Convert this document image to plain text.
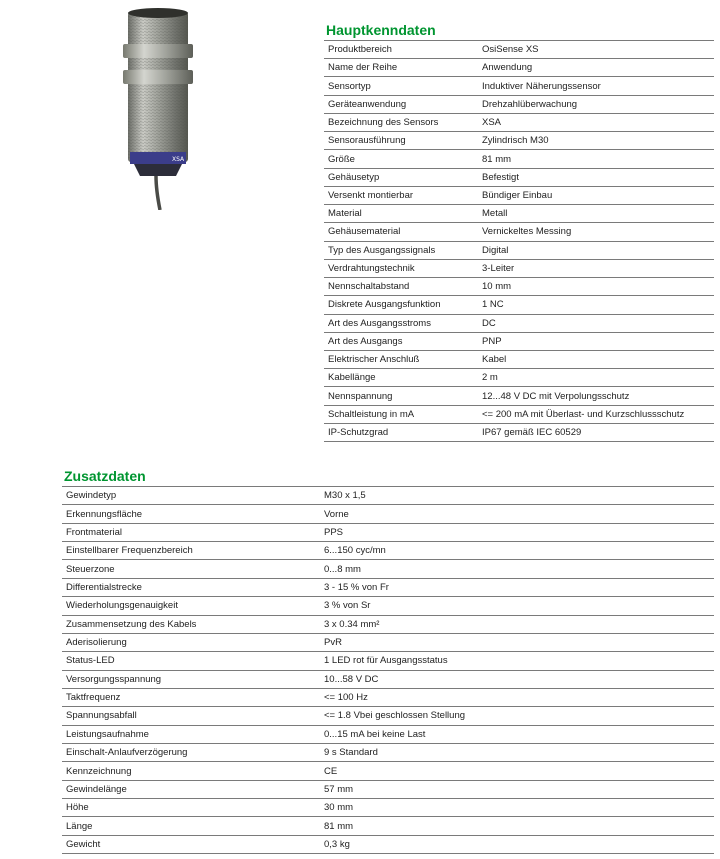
XSA
Hauptkenndaten
Produktbereich	OsiSense XS
Name der Reihe	Anwendung
Sensortyp	Induktiver Näherungssensor
Geräteanwendung	Drehzahlüberwachung
Bezeichnung des Sensors	XSA
Sensorausführung	Zylindrisch M30
Größe	81 mm
Gehäusetyp	Befestigt
Versenkt montierbar	Bündiger Einbau
Material	Metall
Gehäusematerial	Vernickeltes Messing
Typ des Ausgangssignals	Digital
Verdrahtungstechnik	3-Leiter
Nennschaltabstand	10 mm
Diskrete Ausgangsfunktion	1 NC
Art des Ausgangsstroms	DC
Art des Ausgangs	PNP
Elektrischer Anschluß	Kabel
Kabellänge	2 m
Nennspannung	12...48 V DC mit Verpolungsschutz
Schaltleistung in mA	<= 200 mA mit Überlast- und Kurzschlussschutz
IP-Schutzgrad	IP67 gemäß IEC 60529
Zusatzdaten
Gewindetyp	M30 x 1,5
Erkennungsfläche	Vorne
Frontmaterial	PPS
Einstellbarer Frequenzbereich	6...150 cyc/mn
Steuerzone	0...8 mm
Differentialstrecke	3 - 15 % von Fr
Wiederholungsgenauigkeit	3 % von Sr
Zusammensetzung des Kabels	3 x 0.34 mm²
Aderisolierung	PvR
Status-LED	1 LED rot für Ausgangsstatus
Versorgungsspannung	10...58 V DC
Taktfrequenz	<= 100 Hz
Spannungsabfall	<= 1.8 Vbei geschlossen Stellung
Leistungsaufnahme	0...15 mA bei keine Last
Einschalt-Anlaufverzögerung	9 s Standard
Kennzeichnung	CE
Gewindelänge	57 mm
Höhe	30 mm
Länge	81 mm
Gewicht	0,3 kg
